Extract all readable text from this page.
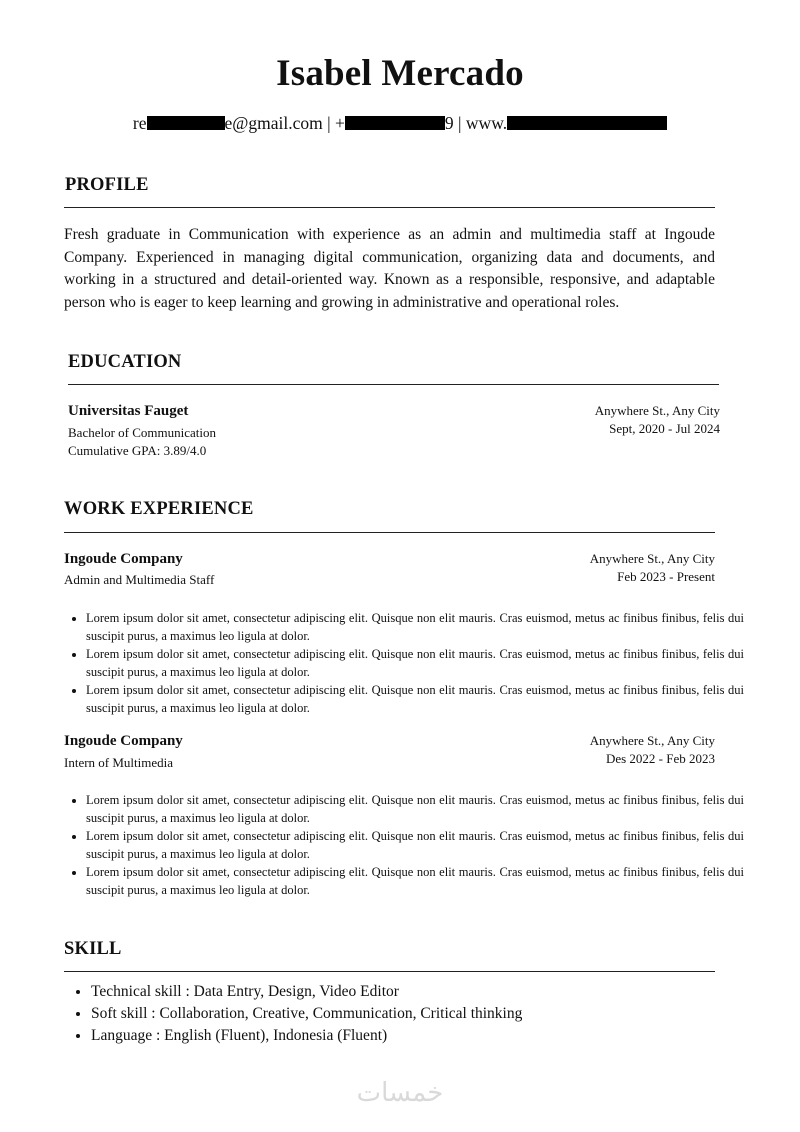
Isabel Mercado
re	e@gmail.com | +	9 | www.
PROFILE

Fresh graduate in Communication with experience as an admin and multimedia staff at Ingoude Company. Experienced in managing digital communication, organizing data and documents, and working in a structured and detail-oriented way. Known as a responsible, responsive, and adaptable person who is eager to keep learning and growing in administrative and operational roles.

EDUCATION
Universitas Fauget
Bachelor of Communication
Cumulative GPA: 3.89/4.0
Anywhere St., Any City
Sept, 2020 - Jul 2024
WORK EXPERIENCE
Ingoude Company
Admin and Multimedia Staff
Anywhere St., Any City
Feb 2023 - Present
• Lorem ipsum dolor sit amet, consectetur adipiscing elit. Quisque non elit mauris. Cras euismod, metus ac finibus finibus, felis dui suscipit purus, a maximus leo ligula at dolor.
• Lorem ipsum dolor sit amet, consectetur adipiscing elit. Quisque non elit mauris. Cras euismod, metus ac finibus finibus, felis dui suscipit purus, a maximus leo ligula at dolor.
• Lorem ipsum dolor sit amet, consectetur adipiscing elit. Quisque non elit mauris. Cras euismod, metus ac finibus finibus, felis dui suscipit purus, a maximus leo ligula at dolor.
Ingoude Company
Intern of Multimedia
Anywhere St., Any City
Des 2022 - Feb 2023
• Lorem ipsum dolor sit amet, consectetur adipiscing elit. Quisque non elit mauris. Cras euismod, metus ac finibus finibus, felis dui suscipit purus, a maximus leo ligula at dolor.
• Lorem ipsum dolor sit amet, consectetur adipiscing elit. Quisque non elit mauris. Cras euismod, metus ac finibus finibus, felis dui suscipit purus, a maximus leo ligula at dolor.
• Lorem ipsum dolor sit amet, consectetur adipiscing elit. Quisque non elit mauris. Cras euismod, metus ac finibus finibus, felis dui suscipit purus, a maximus leo ligula at dolor.
SKILL
• Technical skill : Data Entry, Design, Video Editor
• Soft skill : Collaboration, Creative, Communication, Critical thinking
• Language : English (Fluent), Indonesia (Fluent)
خمسات
